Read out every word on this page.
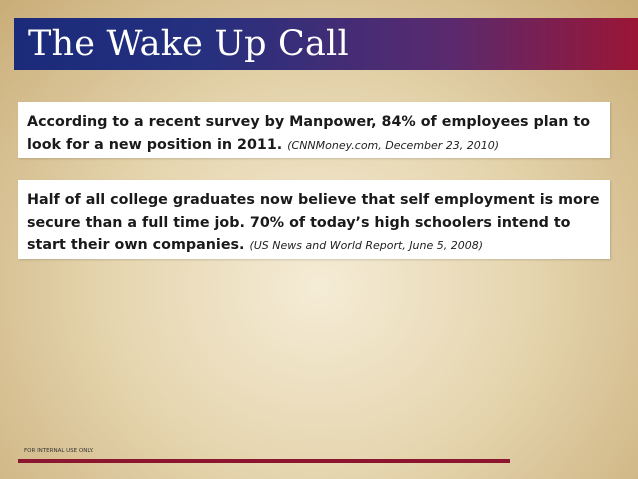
The Wake Up Call
According to a recent survey by Manpower, 84% of employees plan to look for a new position in 2011. (CNNMoney.com, December 23, 2010)
Half of all college graduates now believe that self employment is more secure than a full time job. 70% of today’s high schoolers intend to start their own companies. (US News and World Report, June 5, 2008)
FOR INTERNAL USE ONLY.
